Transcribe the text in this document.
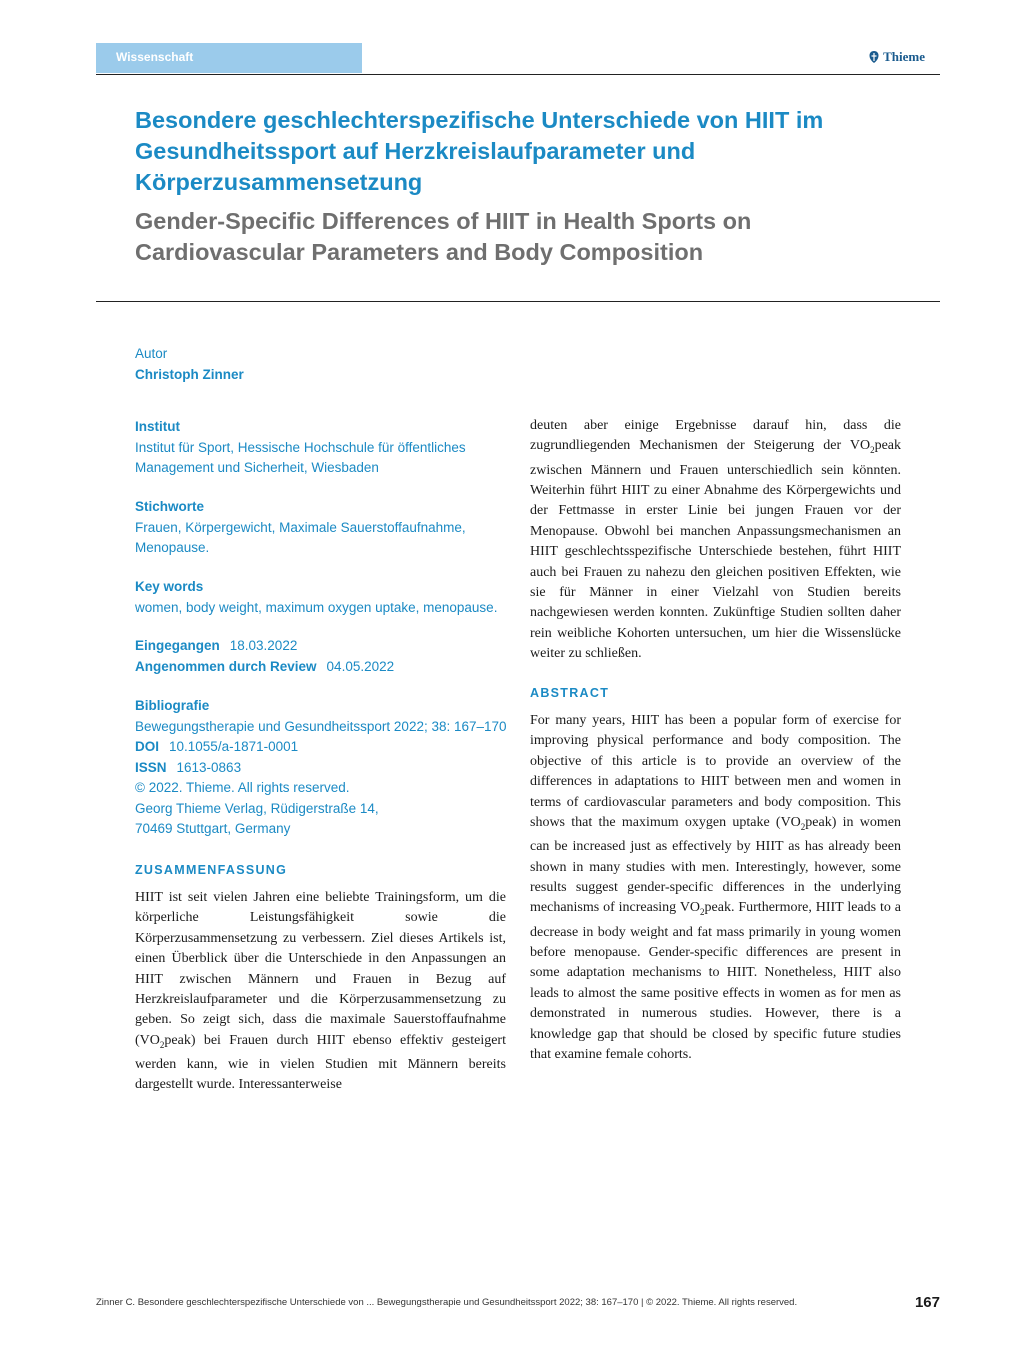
Wissenschaft	Thieme
Besondere geschlechterspezifische Unterschiede von HIIT im Gesundheitssport auf Herzkreislaufparameter und Körperzusammensetzung
Gender-Specific Differences of HIIT in Health Sports on Cardiovascular Parameters and Body Composition
Autor
Christoph Zinner
Institut
Institut für Sport, Hessische Hochschule für öffentliches
Management und Sicherheit, Wiesbaden
Stichworte
Frauen, Körpergewicht, Maximale Sauerstoffaufnahme,
Menopause.
Key words
women, body weight, maximum oxygen uptake, menopause.
Eingegangen 18.03.2022
Angenommen durch Review 04.05.2022
Bibliografie
Bewegungstherapie und Gesundheitssport 2022; 38: 167–170
DOI 10.1055/a-1871-0001
ISSN 1613-0863
© 2022. Thieme. All rights reserved.
Georg Thieme Verlag, Rüdigerstraße 14,
70469 Stuttgart, Germany
ZUSAMMENFASSUNG

HIIT ist seit vielen Jahren eine beliebte Trainingsform, um die körperliche Leistungsfähigkeit sowie die Körperzusammensetzung zu verbessern. Ziel dieses Artikels ist, einen Überblick über die Unterschiede in den Anpassungen an HIIT zwischen Männern und Frauen in Bezug auf Herzkreislaufparameter und die Körperzusammensetzung zu geben. So zeigt sich, dass die maximale Sauerstoffaufnahme $(VO_2peak)$ bei Frauen durch HIIT ebenso effektiv gesteigert werden kann, wie in vielen Studien mit Männern bereits dargestellt wurde. Interessanterweise

deuten aber einige Ergebnisse darauf hin, dass die zugrundliegenden Mechanismen der Steigerung der $VO_2peak$ zwischen Männern und Frauen unterschiedlich sein könnten. Weiterhin führt HIIT zu einer Abnahme des Körpergewichts und der Fettmasse in erster Linie bei jungen Frauen vor der Menopause. Obwohl bei manchen Anpassungsmechanismen an HIIT geschlechtsspezifische Unterschiede bestehen, führt HIIT auch bei Frauen zu nahezu den gleichen positiven Effekten, wie sie für Männer in einer Vielzahl von Studien bereits nachgewiesen werden konnten. Zukünftige Studien sollten daher rein weibliche Kohorten untersuchen, um hier die Wissenslücke weiter zu schließen.

ABSTRACT

For many years, HIIT has been a popular form of exercise for improving physical performance and body composition. The objective of this article is to provide an overview of the differences in adaptations to HIIT between men and women in terms of cardiovascular parameters and body composition. This shows that the maximum oxygen uptake $(VO_2peak)$ in women can be increased just as effectively by HIIT as has already been shown in many studies with men. Interestingly, however, some results suggest gender-specific differences in the underlying mechanisms of increasing $VO_2peak$. Furthermore, HIIT leads to a decrease in body weight and fat mass primarily in young women before menopause. Gender-specific differences are present in some adaptation mechanisms to HIIT. Nonetheless, HIIT also leads to almost the same positive effects in women as for men as demonstrated in numerous studies. However, there is a knowledge gap that should be closed by specific future studies that examine female cohorts.

Zinner C. Besondere geschlechterspezifische Unterschiede von ... Bewegungstherapie und Gesundheitssport 2022; 38: 167–170 | © 2022. Thieme. All rights reserved.	167
